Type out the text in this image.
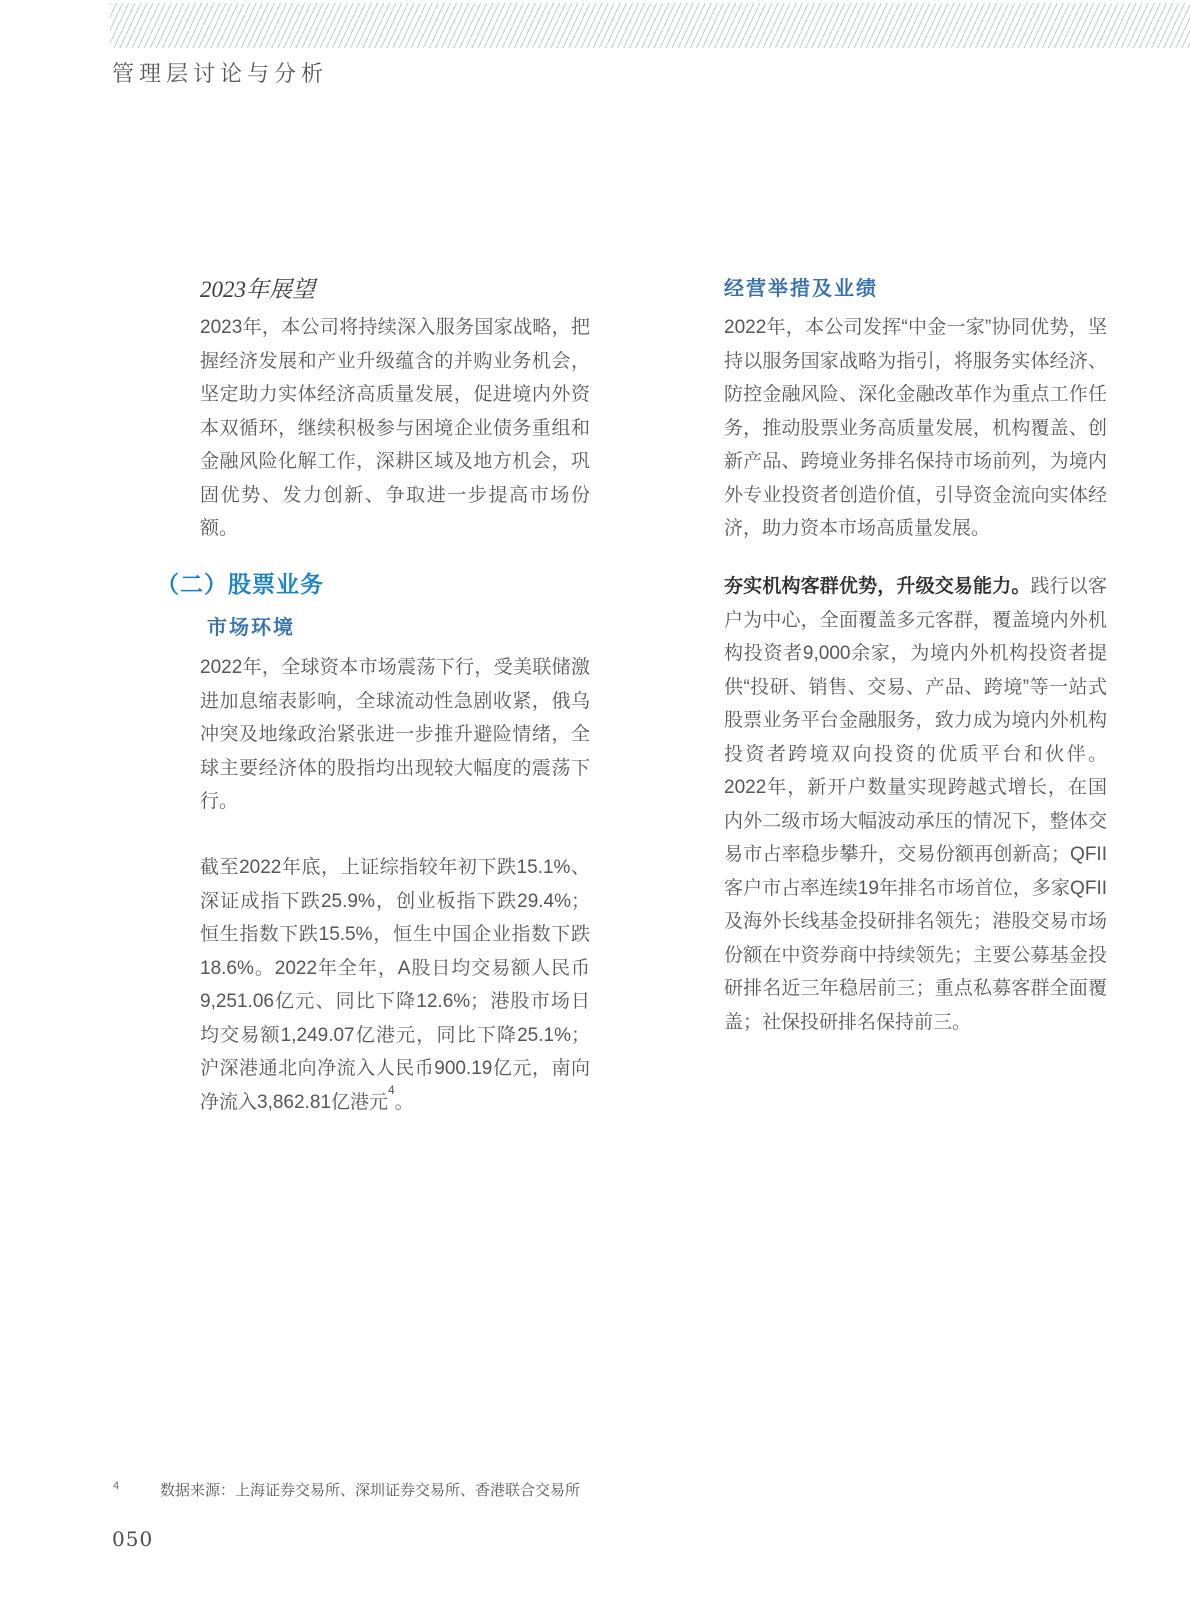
管理层讨论与分析
2023年展望

2023年，本公司将持续深入服务国家战略，把握经济发展和产业升级蕴含的并购业务机会，坚定助力实体经济高质量发展，促进境内外资本双循环，继续积极参与困境企业债务重组和金融风险化解工作，深耕区域及地方机会，巩固优势、发力创新、争取进一步提高市场份额。

（二）股票业务
市场环境

2022年，全球资本市场震荡下行，受美联储激进加息缩表影响，全球流动性急剧收紧，俄乌冲突及地缘政治紧张进一步推升避险情绪，全球主要经济体的股指均出现较大幅度的震荡下行。

截至2022年底，上证综指较年初下跌15.1%、深证成指下跌25.9%，创业板指下跌29.4%；恒生指数下跌15.5%，恒生中国企业指数下跌18.6%。2022年全年，A股日均交易额人民币9,251.06亿元、同比下降12.6%；港股市场日均交易额1,249.07亿港元，同比下降25.1%；沪深港通北向净流入人民币900.19亿元，南向净流入3,862.81亿港元$^4$。

经营举措及业绩

2022年，本公司发挥“中金一家”协同优势，坚持以服务国家战略为指引，将服务实体经济、防控金融风险、深化金融改革作为重点工作任务，推动股票业务高质量发展，机构覆盖、创新产品、跨境业务排名保持市场前列，为境内外专业投资者创造价值，引导资金流向实体经济，助力资本市场高质量发展。

夯实机构客群优势，升级交易能力。践行以客户为中心，全面覆盖多元客群，覆盖境内外机构投资者9,000余家，为境内外机构投资者提供“投研、销售、交易、产品、跨境”等一站式股票业务平台金融服务，致力成为境内外机构投资者跨境双向投资的优质平台和伙伴。2022年，新开户数量实现跨越式增长，在国内外二级市场大幅波动承压的情况下，整体交易市占率稳步攀升，交易份额再创新高；QFII客户市占率连续19年排名市场首位，多家QFII及海外长线基金投研排名领先；港股交易市场份额在中资券商中持续领先；主要公募基金投研排名近三年稳居前三；重点私募客群全面覆盖；社保投研排名保持前三。

4	数据来源：上海证券交易所、深圳证券交易所、香港联合交易所
050
